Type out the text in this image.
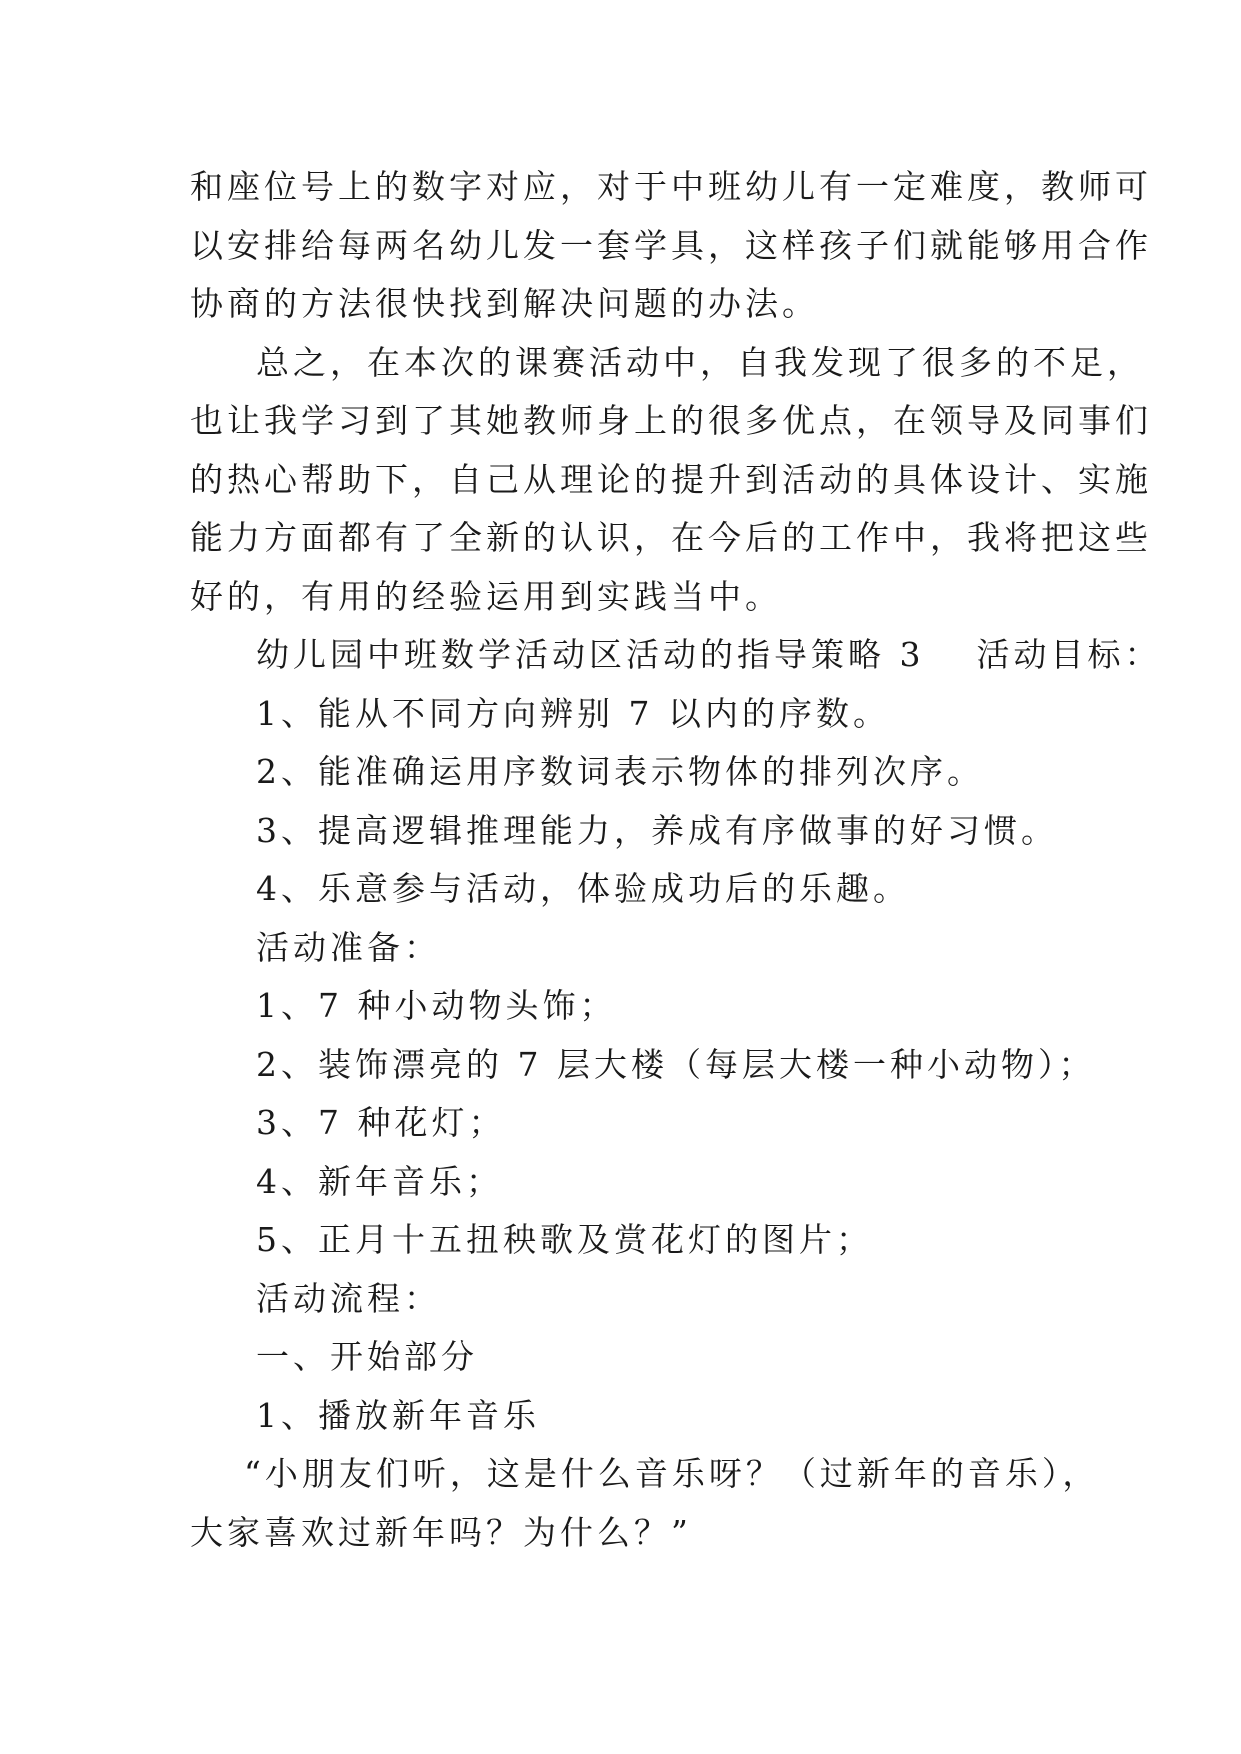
和座位号上的数字对应，对于中班幼儿有一定难度，教师可
以安排给每两名幼儿发一套学具，这样孩子们就能够用合作
协商的方法很快找到解决问题的办法。
总之，在本次的课赛活动中，自我发现了很多的不足，
也让我学习到了其她教师身上的很多优点，在领导及同事们
的热心帮助下，自己从理论的提升到活动的具体设计、实施
能力方面都有了全新的认识，在今后的工作中，我将把这些
好的，有用的经验运用到实践当中。
幼儿园中班数学活动区活动的指导策略 3 活动目标：
1、能从不同方向辨别 7 以内的序数。
2、能准确运用序数词表示物体的排列次序。
3、提高逻辑推理能力，养成有序做事的好习惯。
4、乐意参与活动，体验成功后的乐趣。
活动准备：
1、7 种小动物头饰；
2、装饰漂亮的 7 层大楼（每层大楼一种小动物）；
3、7 种花灯；
4、新年音乐；
5、正月十五扭秧歌及赏花灯的图片；
活动流程：
一、开始部分
1、播放新年音乐
“小朋友们听，这是什么音乐呀？（过新年的音乐），
大家喜欢过新年吗？为什么？”
